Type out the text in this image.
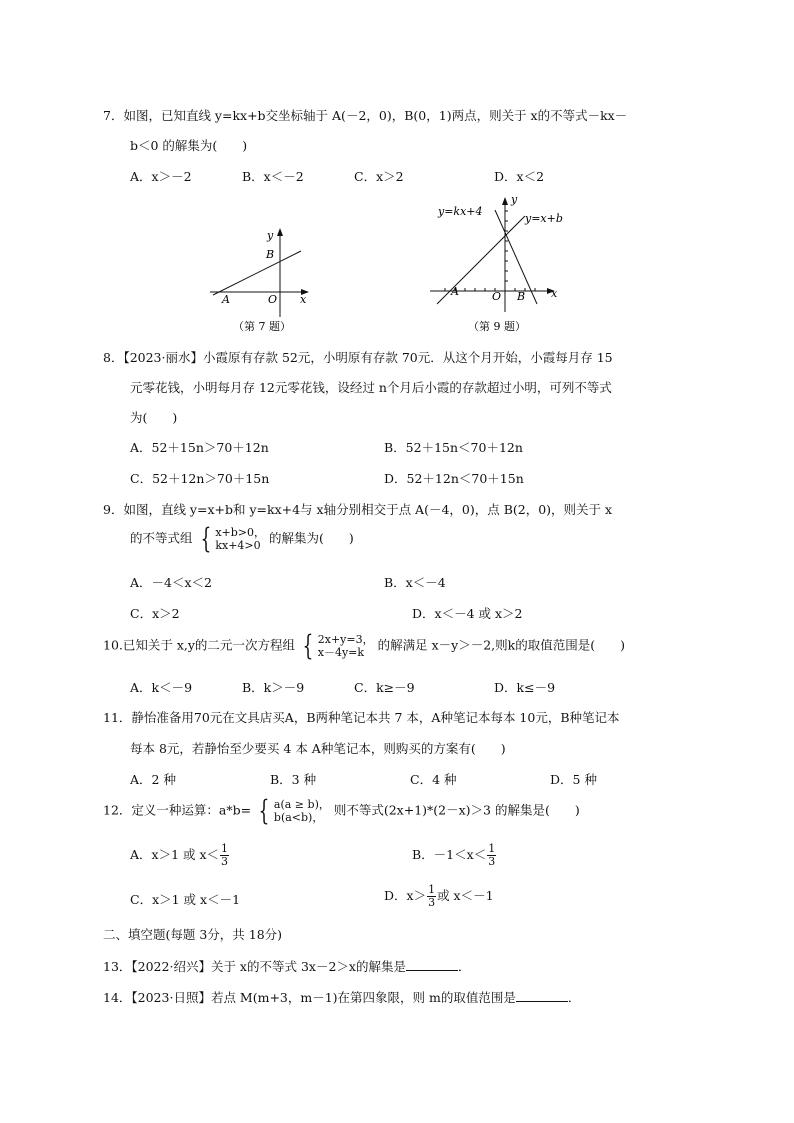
7．如图，已知直线 y=kx+b交坐标轴于 A(－2，0)，B(0，1)两点，则关于 x的不等式－kx－
b＜0 的解集为(　　)
A．x＞－2	B．x＜－2	C．x＞2	D．x＜2
y
x
B
A	O
（第 7 题）
y
x
y=kx+4
y=x+b
A	O B
（第 9 题）
8．【2023·丽水】小霞原有存款 52元，小明原有存款 70元．从这个月开始，小霞每月存 15
元零花钱，小明每月存 12元零花钱，设经过 n个月后小霞的存款超过小明，可列不等式
为(　　)
A．52＋15n＞70＋12n	B．52＋15n＜70＋12n
C．52＋12n＞70＋15n	D．52＋12n＜70＋15n
9．如图，直线 y=x+b和 y=kx+4与 x轴分别相交于点 A(－4，0)，点 B(2，0)，则关于 x
的不等式组 { x+b>0，
kx+4>0 的解集为(　　)
A．－4＜x＜2	B．x＜－4
C．x＞2	D．x＜－4 或 x＞2
10.已知关于 x,y的二元一次方程组 { 2x+y=3，
x－4y=k	的解满足 x－y＞－2,则k的取值范围是(　　)
A．k＜－9	B．k＞－9	C．k≥－9	D．k≤－9
11．静怡准备用70元在文具店买A，B两种笔记本共 7 本，A种笔记本每本 10元，B种笔记本
每本 8元，若静怡至少要买 4 本 A种笔记本，则购买的方案有(　　)
A．2 种	B．3 种	C．4 种	D．5 种
12．定义一种运算：a*b= { a(a ≥ b)，
b(a<b)， 则不等式(2x+1)*(2－x)＞3 的解集是(　　)
A．x＞1 或 $x< \frac{1}{3}$	B．$-1<x< \frac{1}{3}$
C．x＞1 或 x＜－1	D．$x> \frac{1}{3}$ 或 x＜－1
二、填空题(每题 3分，共 18分)
13．【2022·绍兴】关于 x的不等式 3x－2＞x的解集是	．
14．【2023·日照】若点 M(m+3，m－1)在第四象限，则 m的取值范围是	．
